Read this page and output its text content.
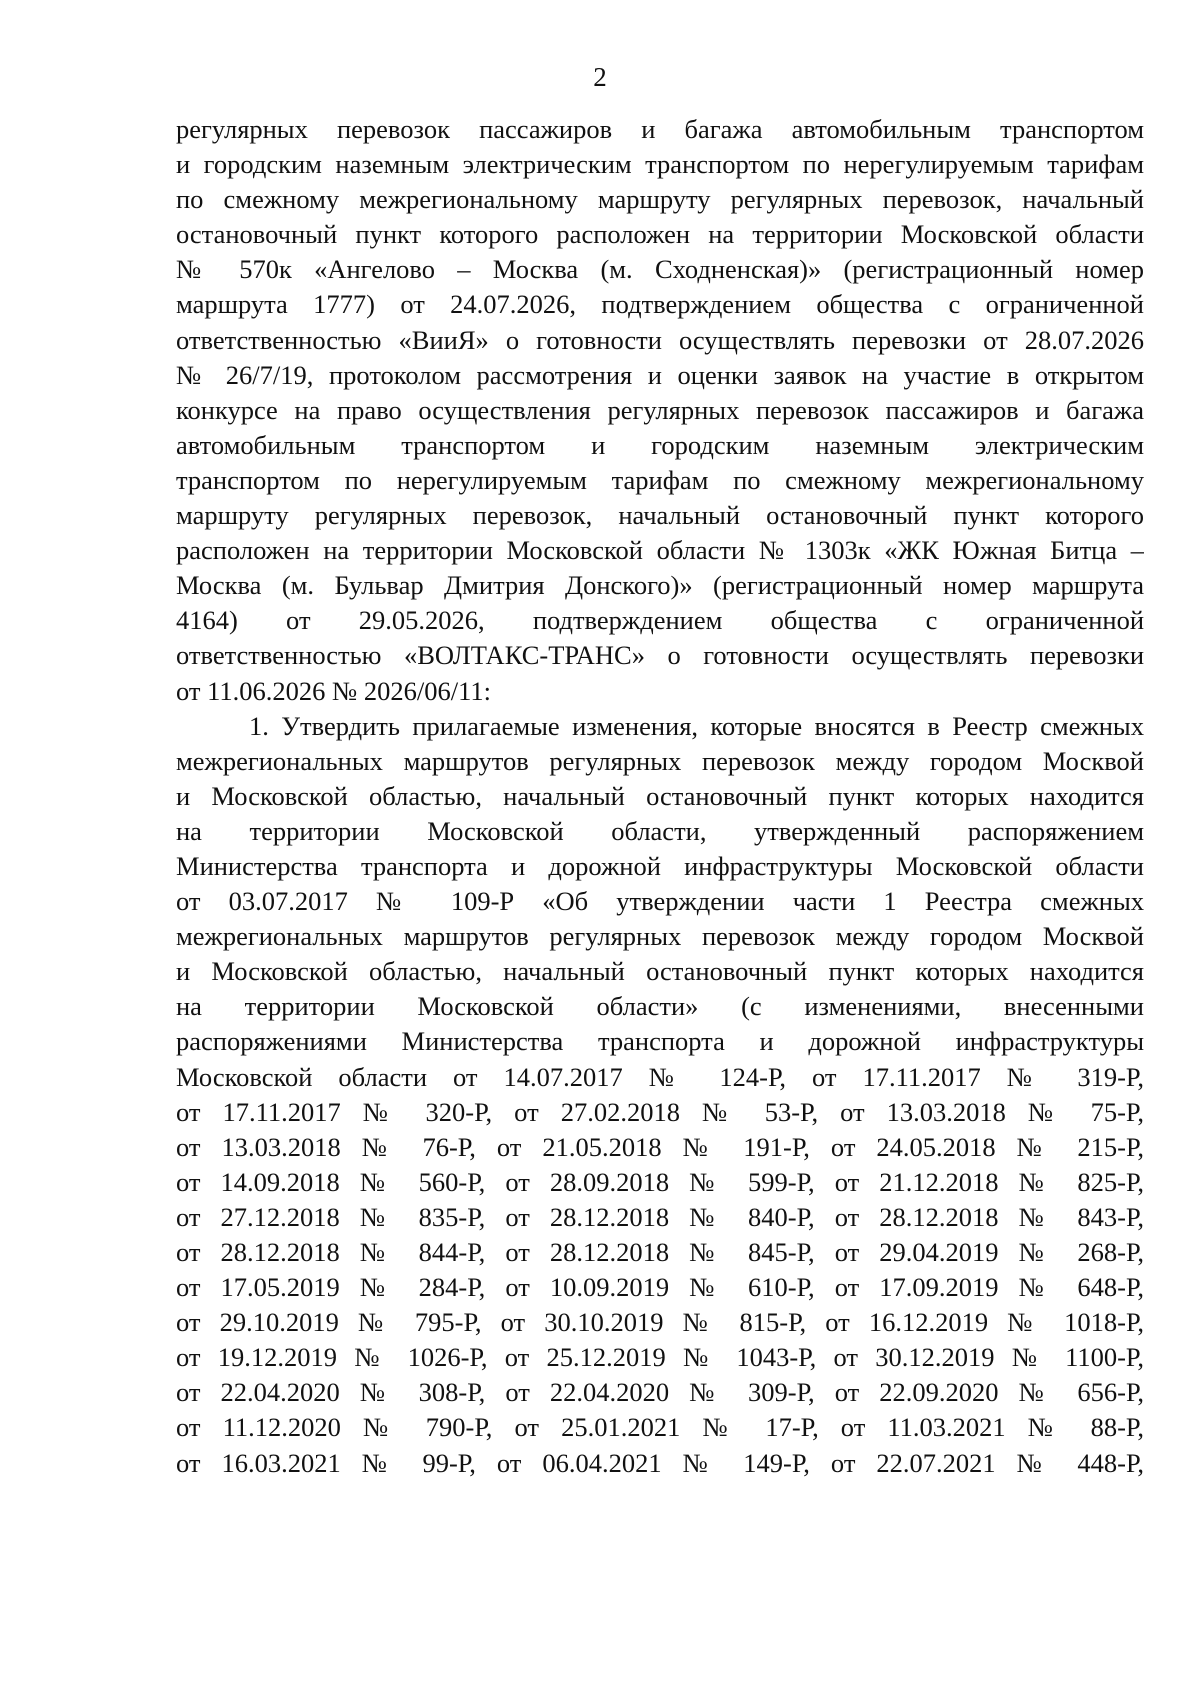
2
регулярных перевозок пассажиров и багажа автомобильным транспортом
и городским наземным электрическим транспортом по нерегулируемым тарифам
по смежному межрегиональному маршруту регулярных перевозок, начальный
остановочный пункт которого расположен на территории Московской области
№ 570к «Ангелово – Москва (м. Сходненская)» (регистрационный номер
маршрута 1777) от 24.07.2026, подтверждением общества с ограниченной
ответственностью «ВииЯ» о готовности осуществлять перевозки от 28.07.2026
№ 26/7/19, протоколом рассмотрения и оценки заявок на участие в открытом
конкурсе на право осуществления регулярных перевозок пассажиров и багажа
автомобильным транспортом и городским наземным электрическим
транспортом по нерегулируемым тарифам по смежному межрегиональному
маршруту регулярных перевозок, начальный остановочный пункт которого
расположен на территории Московской области № 1303к «ЖК Южная Битца –
Москва (м. Бульвар Дмитрия Донского)» (регистрационный номер маршрута
4164) от 29.05.2026, подтверждением общества с ограниченной
ответственностью «ВОЛТАКС-ТРАНС» о готовности осуществлять перевозки
от 11.06.2026 № 2026/06/11:
1. Утвердить прилагаемые изменения, которые вносятся в Реестр смежных
межрегиональных маршрутов регулярных перевозок между городом Москвой
и Московской областью, начальный остановочный пункт которых находится
на территории Московской области, утвержденный распоряжением
Министерства транспорта и дорожной инфраструктуры Московской области
от 03.07.2017 № 109-Р «Об утверждении части 1 Реестра смежных
межрегиональных маршрутов регулярных перевозок между городом Москвой
и Московской областью, начальный остановочный пункт которых находится
на территории Московской области» (с изменениями, внесенными
распоряжениями Министерства транспорта и дорожной инфраструктуры
Московской области от 14.07.2017 № 124-Р, от 17.11.2017 № 319-Р,
от 17.11.2017 № 320-Р, от 27.02.2018 № 53-Р, от 13.03.2018 № 75-Р,
от 13.03.2018 № 76-Р, от 21.05.2018 № 191-Р, от 24.05.2018 № 215-Р,
от 14.09.2018 № 560-Р, от 28.09.2018 № 599-Р, от 21.12.2018 № 825-Р,
от 27.12.2018 № 835-Р, от 28.12.2018 № 840-Р, от 28.12.2018 № 843-Р,
от 28.12.2018 № 844-Р, от 28.12.2018 № 845-Р, от 29.04.2019 № 268-Р,
от 17.05.2019 № 284-Р, от 10.09.2019 № 610-Р, от 17.09.2019 № 648-Р,
от 29.10.2019 № 795-Р, от 30.10.2019 № 815-Р, от 16.12.2019 № 1018-Р,
от 19.12.2019 № 1026-Р, от 25.12.2019 № 1043-Р, от 30.12.2019 № 1100-Р,
от 22.04.2020 № 308-Р, от 22.04.2020 № 309-Р, от 22.09.2020 № 656-Р,
от 11.12.2020 № 790-Р, от 25.01.2021 № 17-Р, от 11.03.2021 № 88-Р,
от 16.03.2021 № 99-Р, от 06.04.2021 № 149-Р, от 22.07.2021 № 448-Р,
